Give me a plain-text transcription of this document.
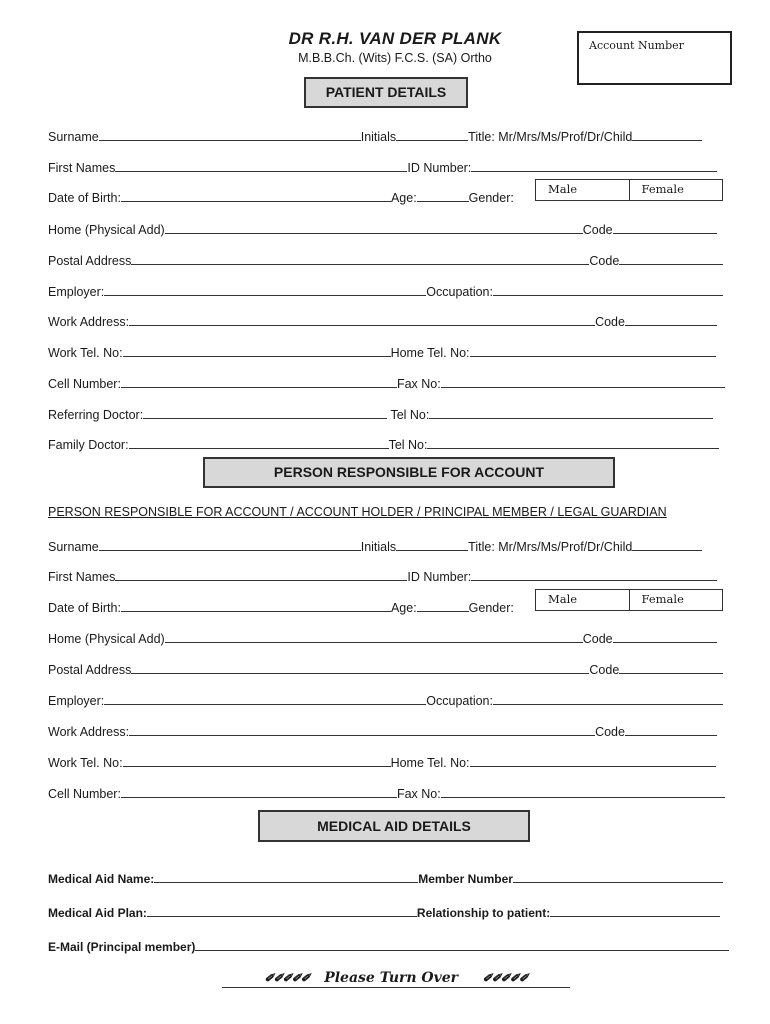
DR R.H. VAN DER PLANK
M.B.B.Ch. (Wits) F.C.S. (SA) Ortho
Account Number
PATIENT DETAILS
Surname	Initials	Title: Mr/Mrs/Ms/Prof/Dr/Child
First Names	ID Number:
Date of Birth:	Age:	Gender:
Male	Female
Home (Physical Add)	Code
Postal Address	Code
Employer:	Occupation:
Work Address:	Code
Work Tel. No:	Home Tel. No:
Cell Number:	Fax No:
Referring Doctor:	Tel No:
Family Doctor:	Tel No:
PERSON RESPONSIBLE FOR ACCOUNT
PERSON RESPONSIBLE FOR ACCOUNT / ACCOUNT HOLDER / PRINCIPAL MEMBER / LEGAL GUARDIAN
Surname	Initials	Title: Mr/Mrs/Ms/Prof/Dr/Child
First Names	ID Number:
Date of Birth:	Age:	Gender:
Male	Female
Home (Physical Add)	Code
Postal Address	Code
Employer:	Occupation:
Work Address:	Code
Work Tel. No:	Home Tel. No:
Cell Number:	Fax No:
MEDICAL AID DETAILS
Medical Aid Name:	Member Number
Medical Aid Plan:	Relationship to patient:
E-Mail (Principal member)
✐✐✐✐✐ Please Turn Over ✐✐✐✐✐
